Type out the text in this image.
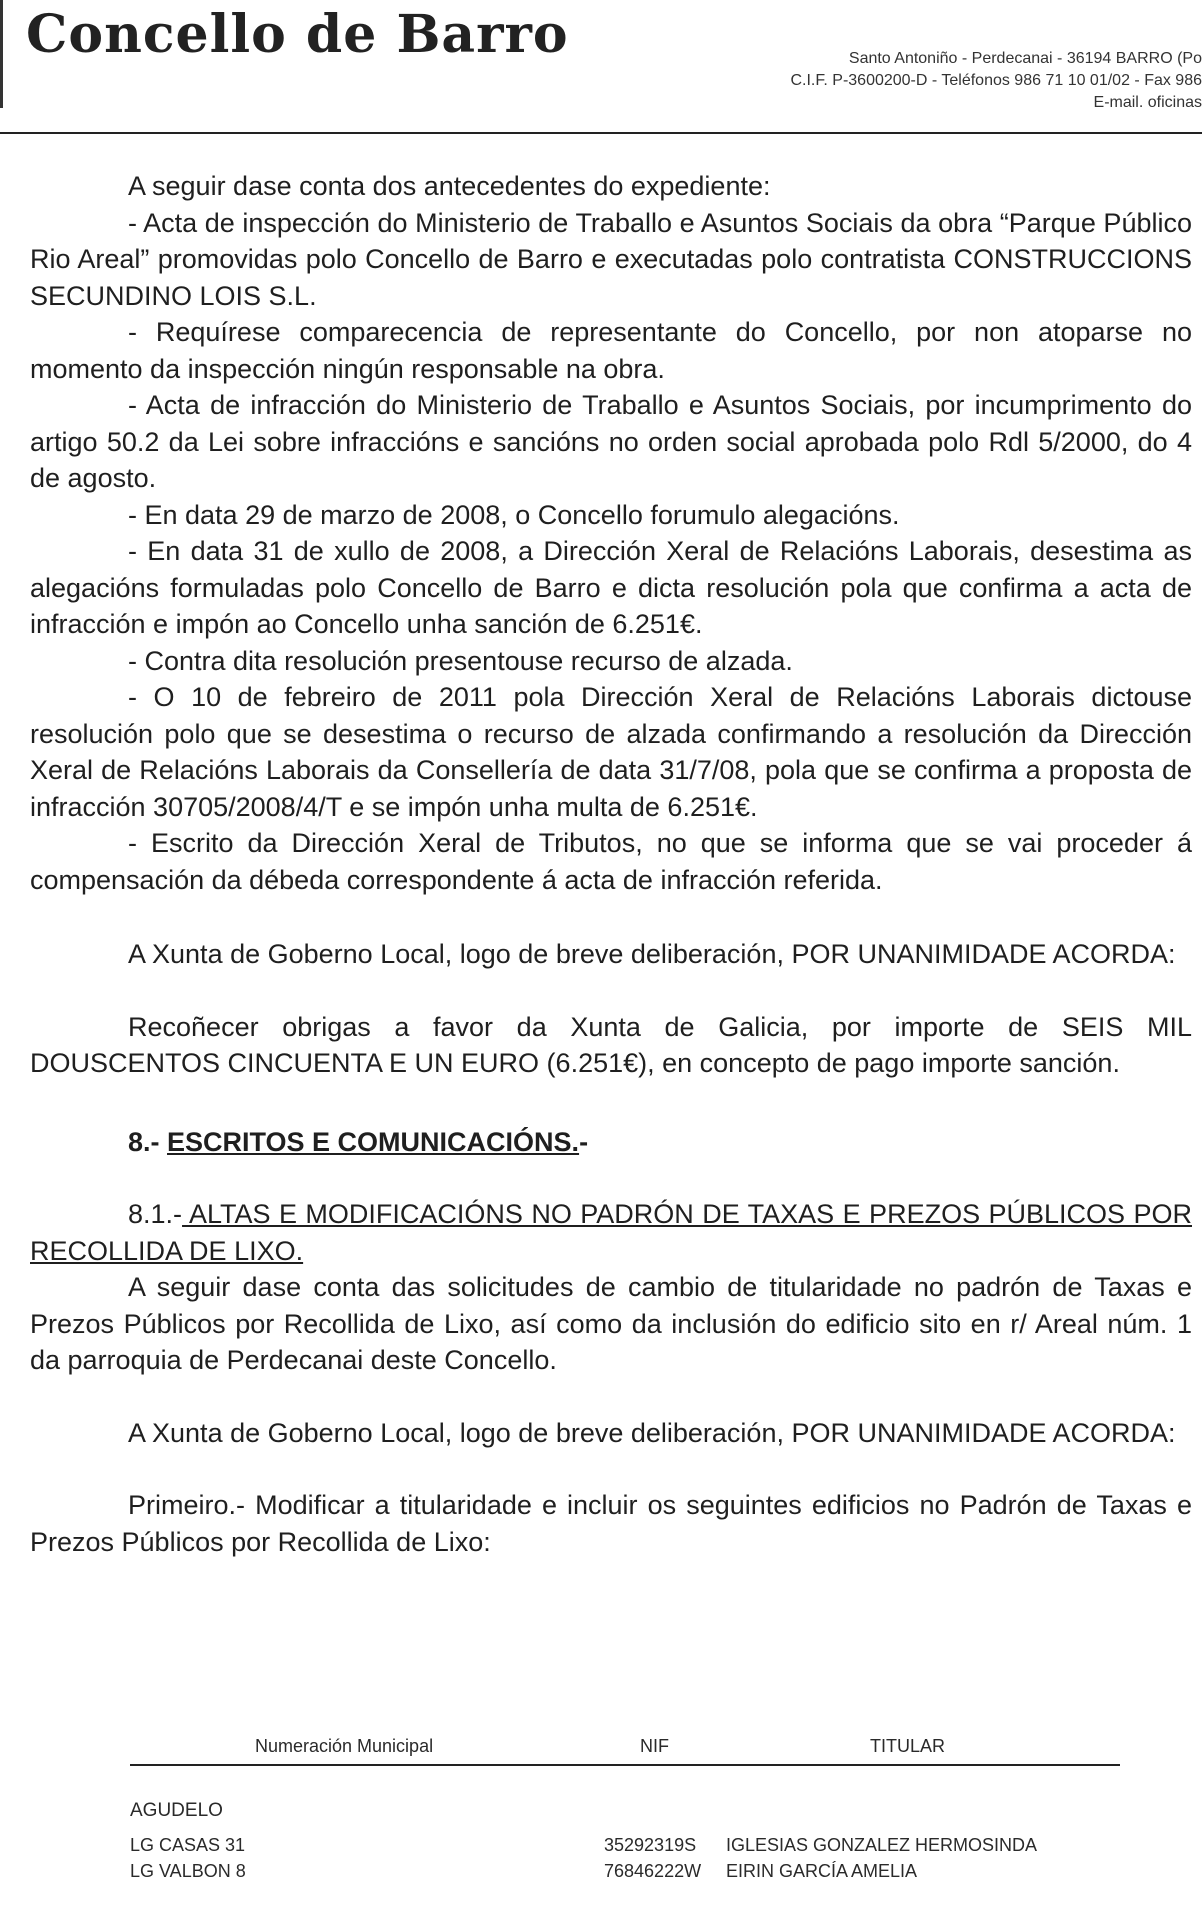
Concello de Barro	Santo Antoniño - Perdecanai - 36194 BARRO (Po
C.I.F. P-3600200-D - Teléfonos 986 71 10 01/02 - Fax 986
E-mail. oficinas

A seguir dase conta dos antecedentes do expediente:

- Acta de inspección do Ministerio de Traballo e Asuntos Sociais da obra “Parque Público Rio Areal” promovidas polo Concello de Barro e executadas polo contratista CONSTRUCCIONS SECUNDINO LOIS S.L.

- Requírese comparecencia de representante do Concello, por non atoparse no momento da inspección ningún responsable na obra.

- Acta de infracción do Ministerio de Traballo e Asuntos Sociais, por incumprimento do artigo 50.2 da Lei sobre infraccións e sancións no orden social aprobada polo Rdl 5/2000, do 4 de agosto.

- En data 29 de marzo de 2008, o Concello forumulo alegacións.

- En data 31 de xullo de 2008, a Dirección Xeral de Relacións Laborais, desestima as alegacións formuladas polo Concello de Barro e dicta resolución pola que confirma a acta de infracción e impón ao Concello unha sanción de 6.251€.

- Contra dita resolución presentouse recurso de alzada.

- O 10 de febreiro de 2011 pola Dirección Xeral de Relacións Laborais dictouse resolución polo que se desestima o recurso de alzada confirmando a resolución da Dirección Xeral de Relacións Laborais da Consellería de data 31/7/08, pola que se confirma a proposta de infracción 30705/2008/4/T e se impón unha multa de 6.251€.

- Escrito da Dirección Xeral de Tributos, no que se informa que se vai proceder á compensación da débeda correspondente á acta de infracción referida.

A Xunta de Goberno Local, logo de breve deliberación, POR UNANIMIDADE ACORDA:

Recoñecer obrigas a favor da Xunta de Galicia, por importe de SEIS MIL DOUSCENTOS CINCUENTA E UN EURO (6.251€), en concepto de pago importe sanción.

8.- ESCRITOS E COMUNICACIÓNS.-

8.1.- ALTAS E MODIFICACIÓNS NO PADRÓN DE TAXAS E PREZOS PÚBLICOS POR RECOLLIDA DE LIXO.

A seguir dase conta das solicitudes de cambio de titularidade no padrón de Taxas e Prezos Públicos por Recollida de Lixo, así como da inclusión do edificio sito en r/ Areal núm. 1 da parroquia de Perdecanai deste Concello.

A Xunta de Goberno Local, logo de breve deliberación, POR UNANIMIDADE ACORDA:

Primeiro.- Modificar a titularidade e incluir os seguintes edificios no Padrón de Taxas e Prezos Públicos por Recollida de Lixo:

Numeración Municipal	NIF	TITULAR
AGUDELO
LG CASAS 31	35292319S IGLESIAS GONZALEZ HERMOSINDA
LG VALBON 8	76846222W EIRIN GARCÍA AMELIA
